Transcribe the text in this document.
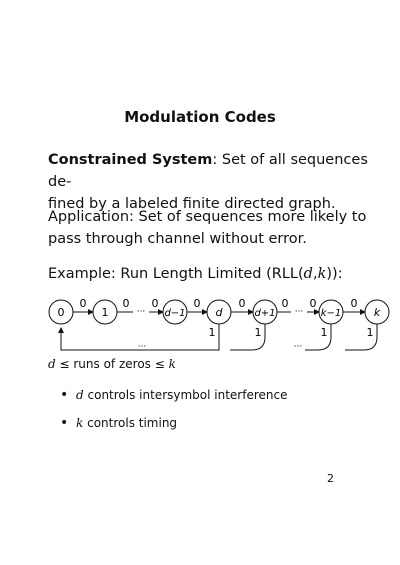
Modulation Codes
Constrained System: Set of all sequences de-
fined by a labeled finite directed graph.
Application: Set of sequences more likely to
pass through channel without error.
Example: Run Length Limited (RLL(d,k)):
0	0
···
0	0	0	0
···
0	0
1	1	1	1
···	···
0	1	d−1	d	d+1	k−1	k
d ≤ runs of zeros ≤ k
• d controls intersymbol interference
• k controls timing
2
